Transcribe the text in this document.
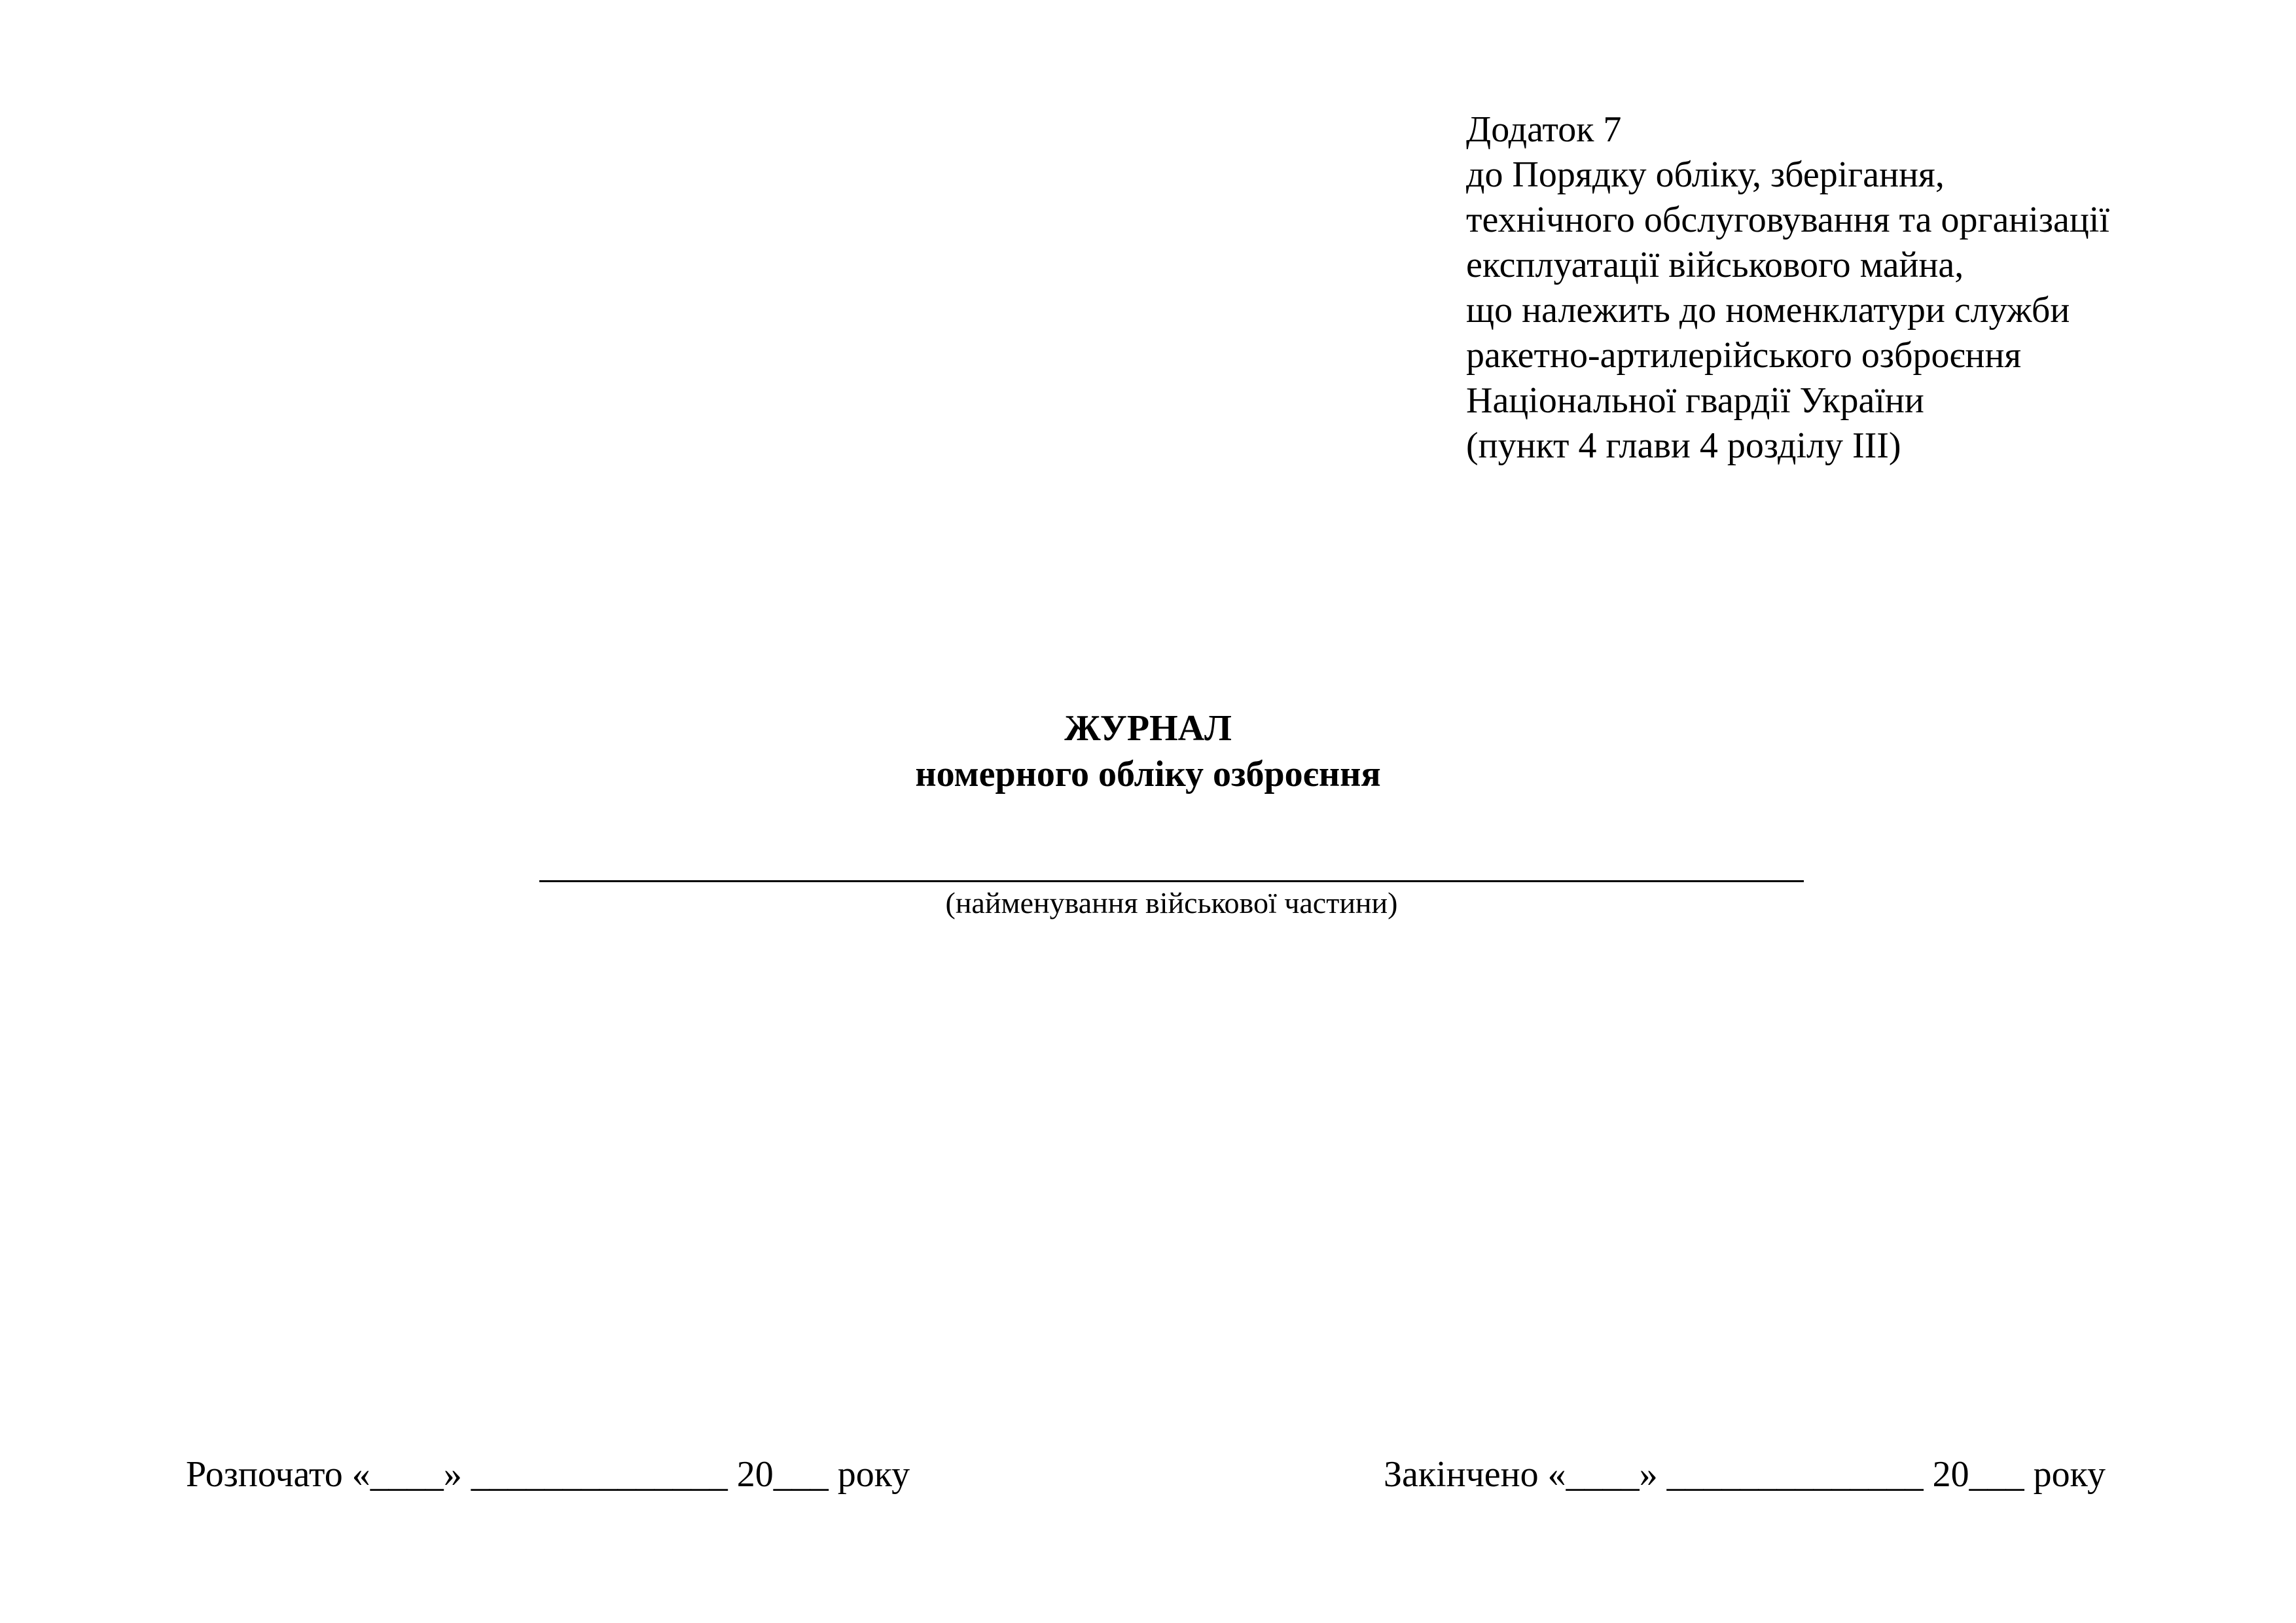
Додаток 7
до Порядку обліку, зберігання,
технічного обслуговування та організації
експлуатації військового майна,
що належить до номенклатури служби
ракетно-артилерійського озброєння
Національної гвардії України
(пункт 4 глави 4 розділу ІІІ)
ЖУРНАЛ
номерного обліку озброєння
(найменування військової частини)
Розпочато «____» ______________ 20___ року	Закінчено «____» ______________ 20___ року
